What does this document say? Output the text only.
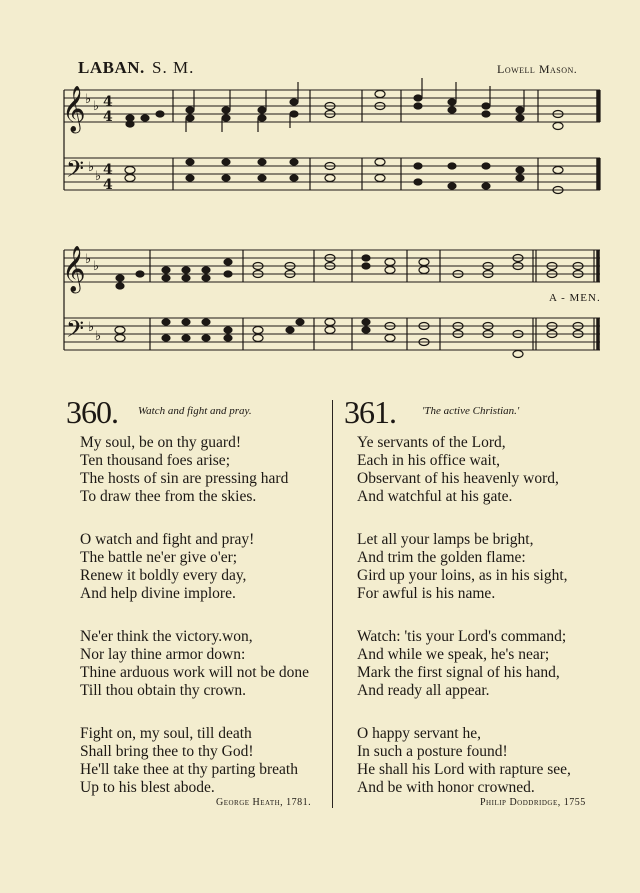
LABAN. S. M.	Lowell Mason.
𝄞
𝄢
𝄞
𝄢
♭ ♭
♭
♭
♭ ♭
♭
♭
4
4
4
4
A - MEN.
360. Watch and fight and pray.
My soul, be on thy guard!
Ten thousand foes arise;
The hosts of sin are pressing hard
To draw thee from the skies.
O watch and fight and pray!
The battle ne'er give o'er;
Renew it boldly every day,
And help divine implore.
Ne'er think the victory.won,
Nor lay thine armor down:
Thine arduous work will not be done
Till thou obtain thy crown.
Fight on, my soul, till death
Shall bring thee to thy God!
He'll take thee at thy parting breath
Up to his blest abode.
George Heath, 1781.
361. 'The active Christian.'
Ye servants of the Lord,
Each in his office wait,
Observant of his heavenly word,
And watchful at his gate.
Let all your lamps be bright,
And trim the golden flame:
Gird up your loins, as in his sight,
For awful is his name.
Watch: 'tis your Lord's command;
And while we speak, he's near;
Mark the first signal of his hand,
And ready all appear.
O happy servant he,
In such a posture found!
He shall his Lord with rapture see,
And be with honor crowned.
Philip Doddridge, 1755
